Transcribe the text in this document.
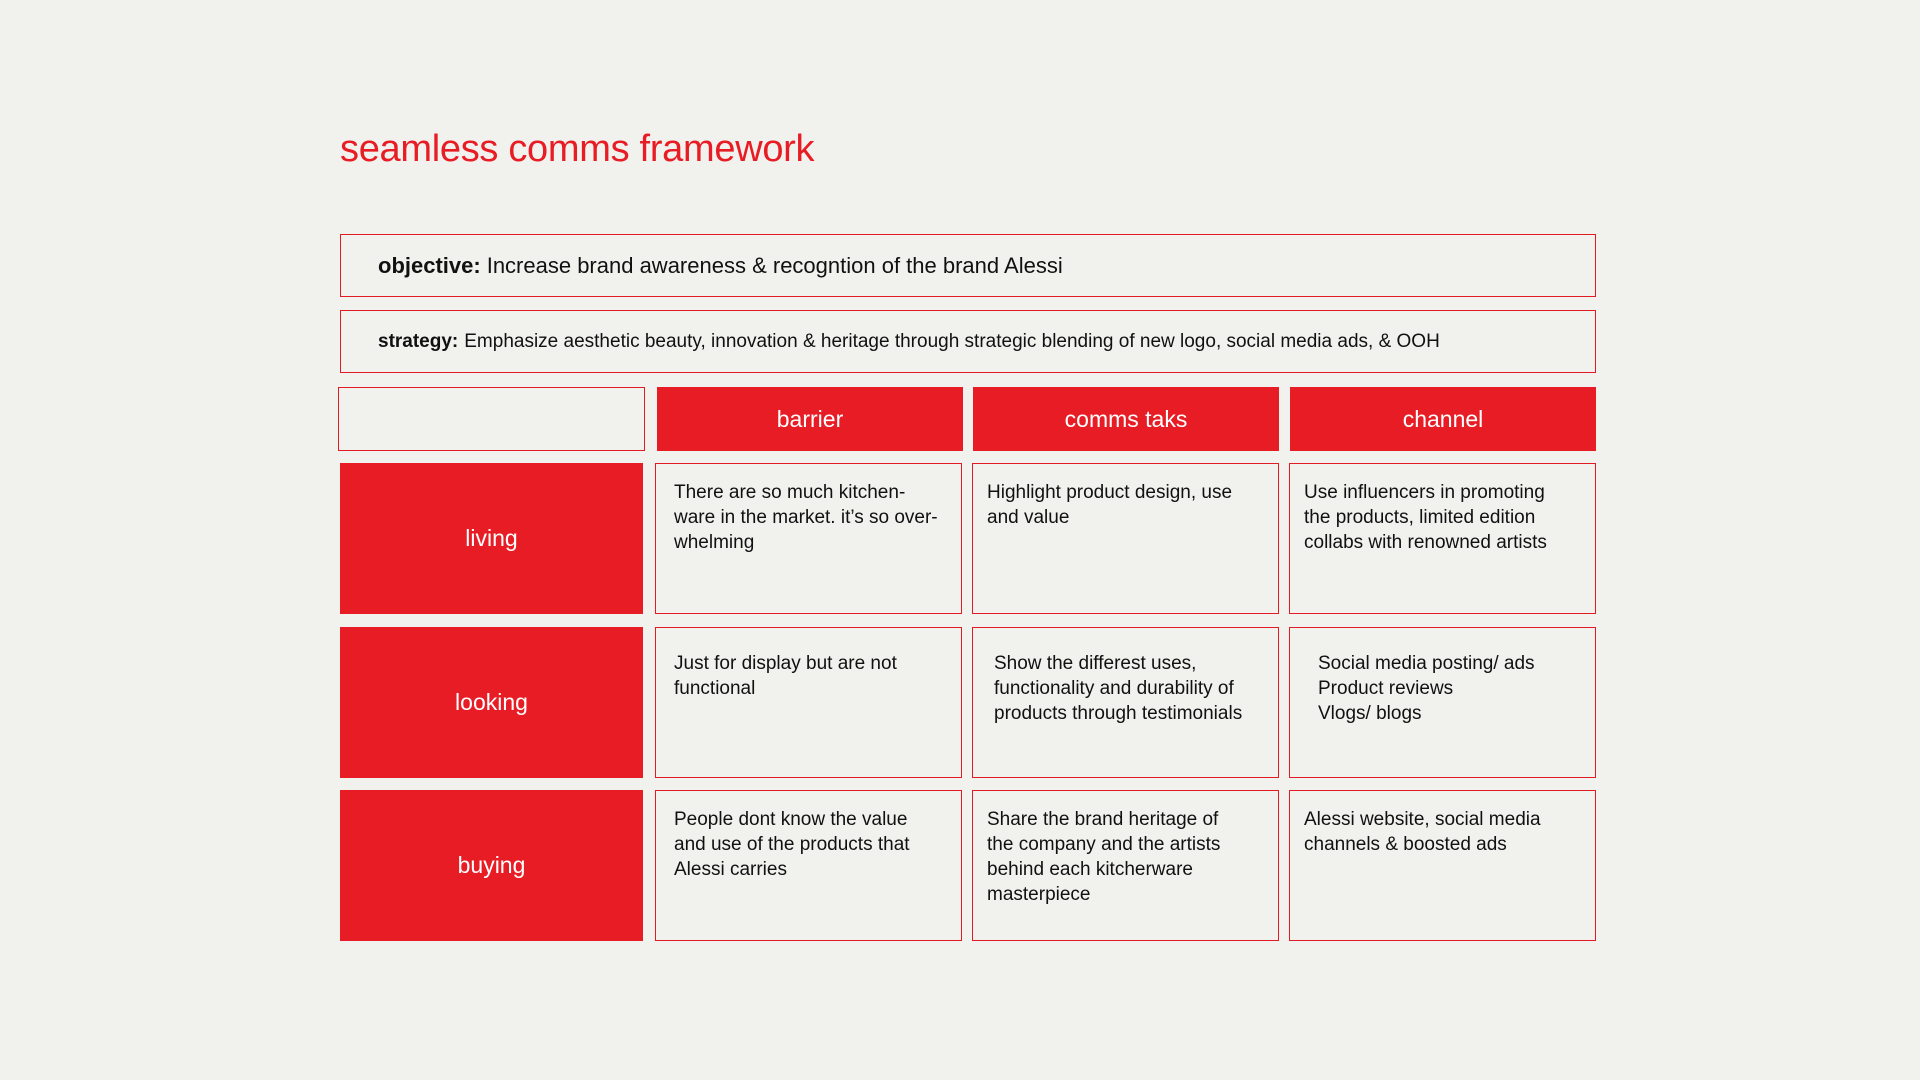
seamless comms framework
objective: Increase brand awareness & recogntion of the brand Alessi
strategy: Emphasize aesthetic beauty, innovation & heritage through strategic blending of new logo, social media ads, & OOH
barrier	comms taks	channel
living
There are so much kitchen-
ware in the market. it’s so over-
whelming
Highlight product design, use
and value
Use influencers in promoting
the products, limited edition
collabs with renowned artists
looking
Just for display but are not
functional
Show the differest uses,
functionality and durability of
products through testimonials
Social media posting/ ads
Product reviews
Vlogs/ blogs
buying
People dont know the value
and use of the products that
Alessi carries
Share the brand heritage of
the company and the artists
behind each kitcherware
masterpiece
Alessi website, social media
channels & boosted ads
